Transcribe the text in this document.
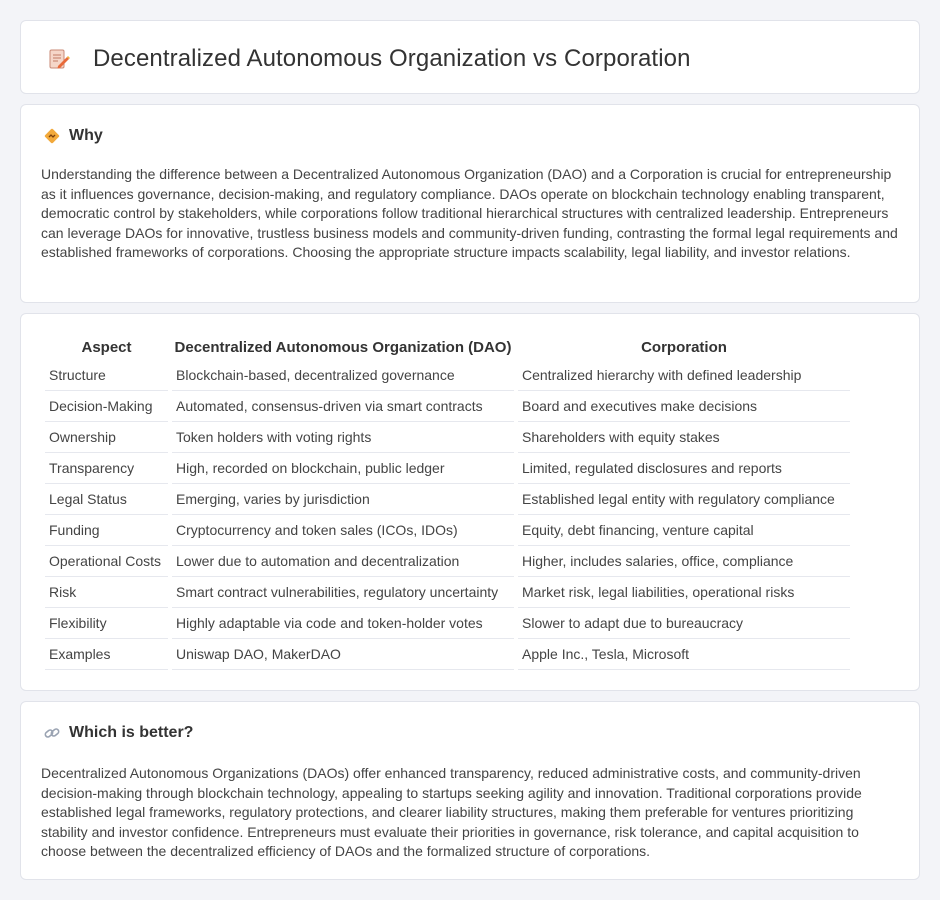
Decentralized Autonomous Organization vs Corporation
Why

Understanding the difference between a Decentralized Autonomous Organization (DAO) and a Corporation is crucial for entrepreneurship as it influences governance, decision-making, and regulatory compliance. DAOs operate on blockchain technology enabling transparent, democratic control by stakeholders, while corporations follow traditional hierarchical structures with centralized leadership. Entrepreneurs can leverage DAOs for innovative, trustless business models and community-driven funding, contrasting the formal legal requirements and established frameworks of corporations. Choosing the appropriate structure impacts scalability, legal liability, and investor relations.

Aspect	Decentralized Autonomous Organization (DAO)	Corporation
Structure	Blockchain-based, decentralized governance	Centralized hierarchy with defined leadership
Decision-Making	Automated, consensus-driven via smart contracts	Board and executives make decisions
Ownership	Token holders with voting rights	Shareholders with equity stakes
Transparency	High, recorded on blockchain, public ledger	Limited, regulated disclosures and reports
Legal Status	Emerging, varies by jurisdiction	Established legal entity with regulatory compliance
Funding	Cryptocurrency and token sales (ICOs, IDOs)	Equity, debt financing, venture capital
Operational Costs	Lower due to automation and decentralization	Higher, includes salaries, office, compliance
Risk	Smart contract vulnerabilities, regulatory uncertainty	Market risk, legal liabilities, operational risks
Flexibility	Highly adaptable via code and token-holder votes	Slower to adapt due to bureaucracy
Examples	Uniswap DAO, MakerDAO	Apple Inc., Tesla, Microsoft
Which is better?

Decentralized Autonomous Organizations (DAOs) offer enhanced transparency, reduced administrative costs, and community-driven decision-making through blockchain technology, appealing to startups seeking agility and innovation. Traditional corporations provide established legal frameworks, regulatory protections, and clearer liability structures, making them preferable for ventures prioritizing stability and investor confidence. Entrepreneurs must evaluate their priorities in governance, risk tolerance, and capital acquisition to choose between the decentralized efficiency of DAOs and the formalized structure of corporations.
